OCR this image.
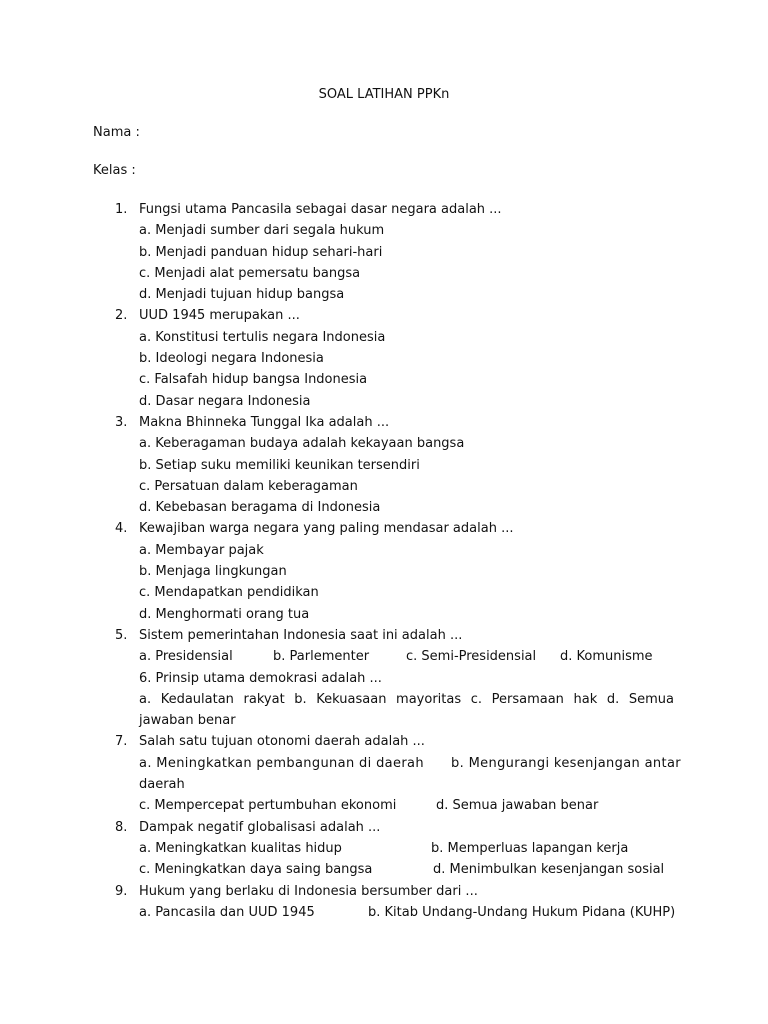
SOAL LATIHAN PPKn
Nama :
Kelas :
1. Fungsi utama Pancasila sebagai dasar negara adalah ...
a. Menjadi sumber dari segala hukum
b. Menjadi panduan hidup sehari-hari
c. Menjadi alat pemersatu bangsa
d. Menjadi tujuan hidup bangsa
2. UUD 1945 merupakan ...
a. Konstitusi tertulis negara Indonesia
b. Ideologi negara Indonesia
c. Falsafah hidup bangsa Indonesia
d. Dasar negara Indonesia
3. Makna Bhinneka Tunggal Ika adalah ...
a. Keberagaman budaya adalah kekayaan bangsa
b. Setiap suku memiliki keunikan tersendiri
c. Persatuan dalam keberagaman
d. Kebebasan beragama di Indonesia
4. Kewajiban warga negara yang paling mendasar adalah ...
a. Membayar pajak
b. Menjaga lingkungan
c. Mendapatkan pendidikan
d. Menghormati orang tua
5. Sistem pemerintahan Indonesia saat ini adalah ...
a. Presidensial	b. Parlementer	c. Semi-Presidensial d. Komunisme
6. Prinsip utama demokrasi adalah ...
a. Kedaulatan rakyat b. Kekuasaan mayoritas c. Persamaan hak d. Semua
jawaban benar
7. Salah satu tujuan otonomi daerah adalah ...
a. Meningkatkan pembangunan di daerah b. Mengurangi kesenjangan antar
daerah
c. Mempercepat pertumbuhan ekonomi	d. Semua jawaban benar
8. Dampak negatif globalisasi adalah ...
a. Meningkatkan kualitas hidup	b. Memperluas lapangan kerja
c. Meningkatkan daya saing bangsa	d. Menimbulkan kesenjangan sosial
9. Hukum yang berlaku di Indonesia bersumber dari ...
a. Pancasila dan UUD 1945	b. Kitab Undang-Undang Hukum Pidana (KUHP)
